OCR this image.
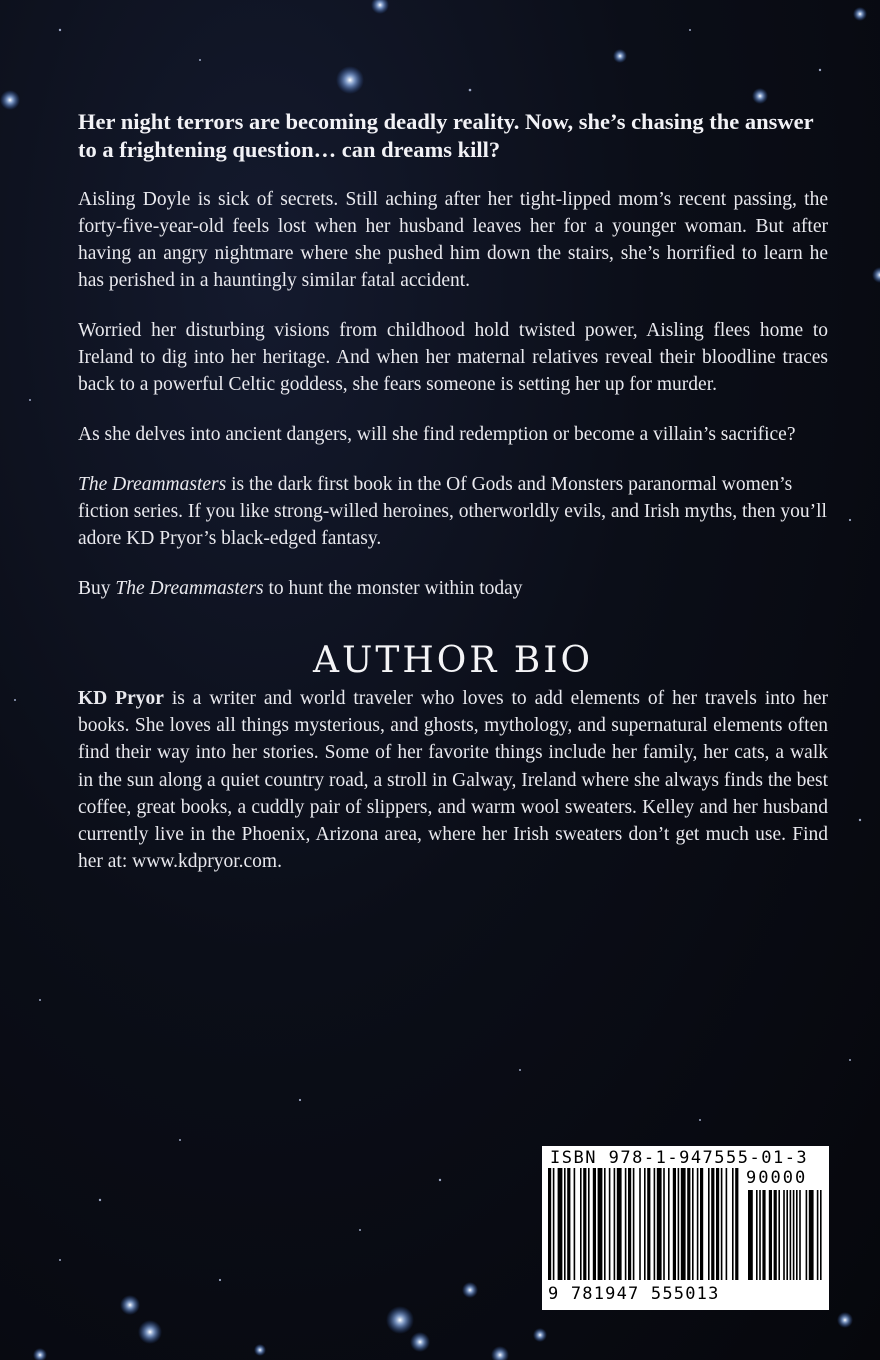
Her night terrors are becoming deadly reality. Now, she’s chasing the answer to a frightening question… can dreams kill?

Aisling Doyle is sick of secrets. Still aching after her tight-lipped mom’s recent passing, the forty-five-year-old feels lost when her husband leaves her for a younger woman. But after having an angry nightmare where she pushed him down the stairs, she’s horrified to learn he has perished in a hauntingly similar fatal accident.

Worried her disturbing visions from childhood hold twisted power, Aisling flees home to Ireland to dig into her heritage. And when her maternal relatives reveal their bloodline traces back to a powerful Celtic goddess, she fears someone is setting her up for murder.

As she delves into ancient dangers, will she find redemption or become a villain’s sacrifice?

The Dreammasters is the dark first book in the Of Gods and Monsters paranormal women’s fiction series. If you like strong-willed heroines, otherworldly evils, and Irish myths, then you’ll adore KD Pryor’s black-edged fantasy.

Buy The Dreammasters to hunt the monster within today

AUTHOR BIO

KD Pryor is a writer and world traveler who loves to add elements of her travels into her books. She loves all things mysterious, and ghosts, mythology, and supernatural elements often find their way into her stories. Some of her favorite things include her family, her cats, a walk in the sun along a quiet country road, a stroll in Galway, Ireland where she always finds the best coffee, great books, a cuddly pair of slippers, and warm wool sweaters. Kelley and her husband currently live in the Phoenix, Arizona area, where her Irish sweaters don’t get much use. Find her at: www.kdpryor.com.

ISBN 978-1-947555-01-3
90000
9 781947 555013
